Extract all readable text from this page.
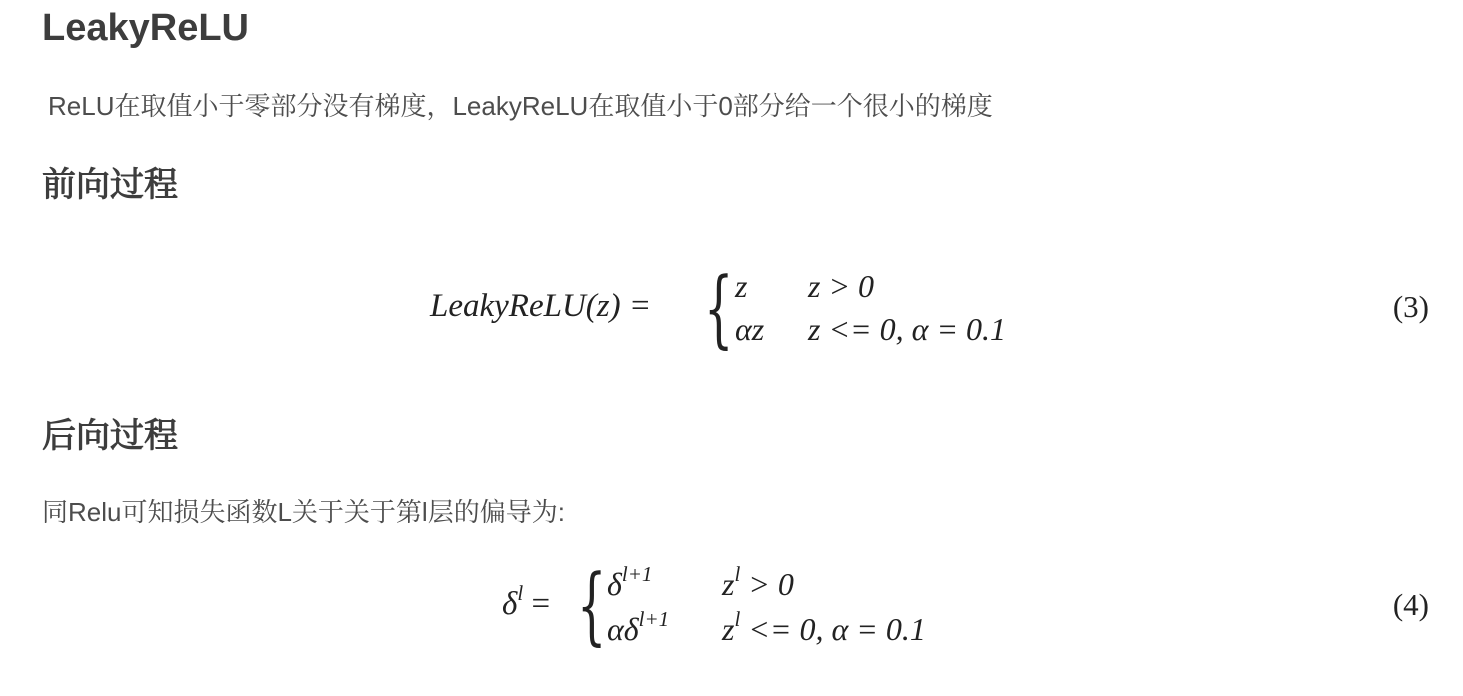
LeakyReLU

ReLU在取值小于零部分没有梯度，LeakyReLU在取值小于0部分给一个很小的梯度

前向过程
LeakyReLU(z) = { z z > 0
αz z <= 0, α = 0.1
(3)
后向过程

同Relu可知损失函数L关于关于第l层的偏导为:

$\delta^l$ = { $\delta^{l+1}$ $z^l > 0$
$\alpha\delta^{l+1}$ $z^l <= 0$, α = 0.1
(4)
